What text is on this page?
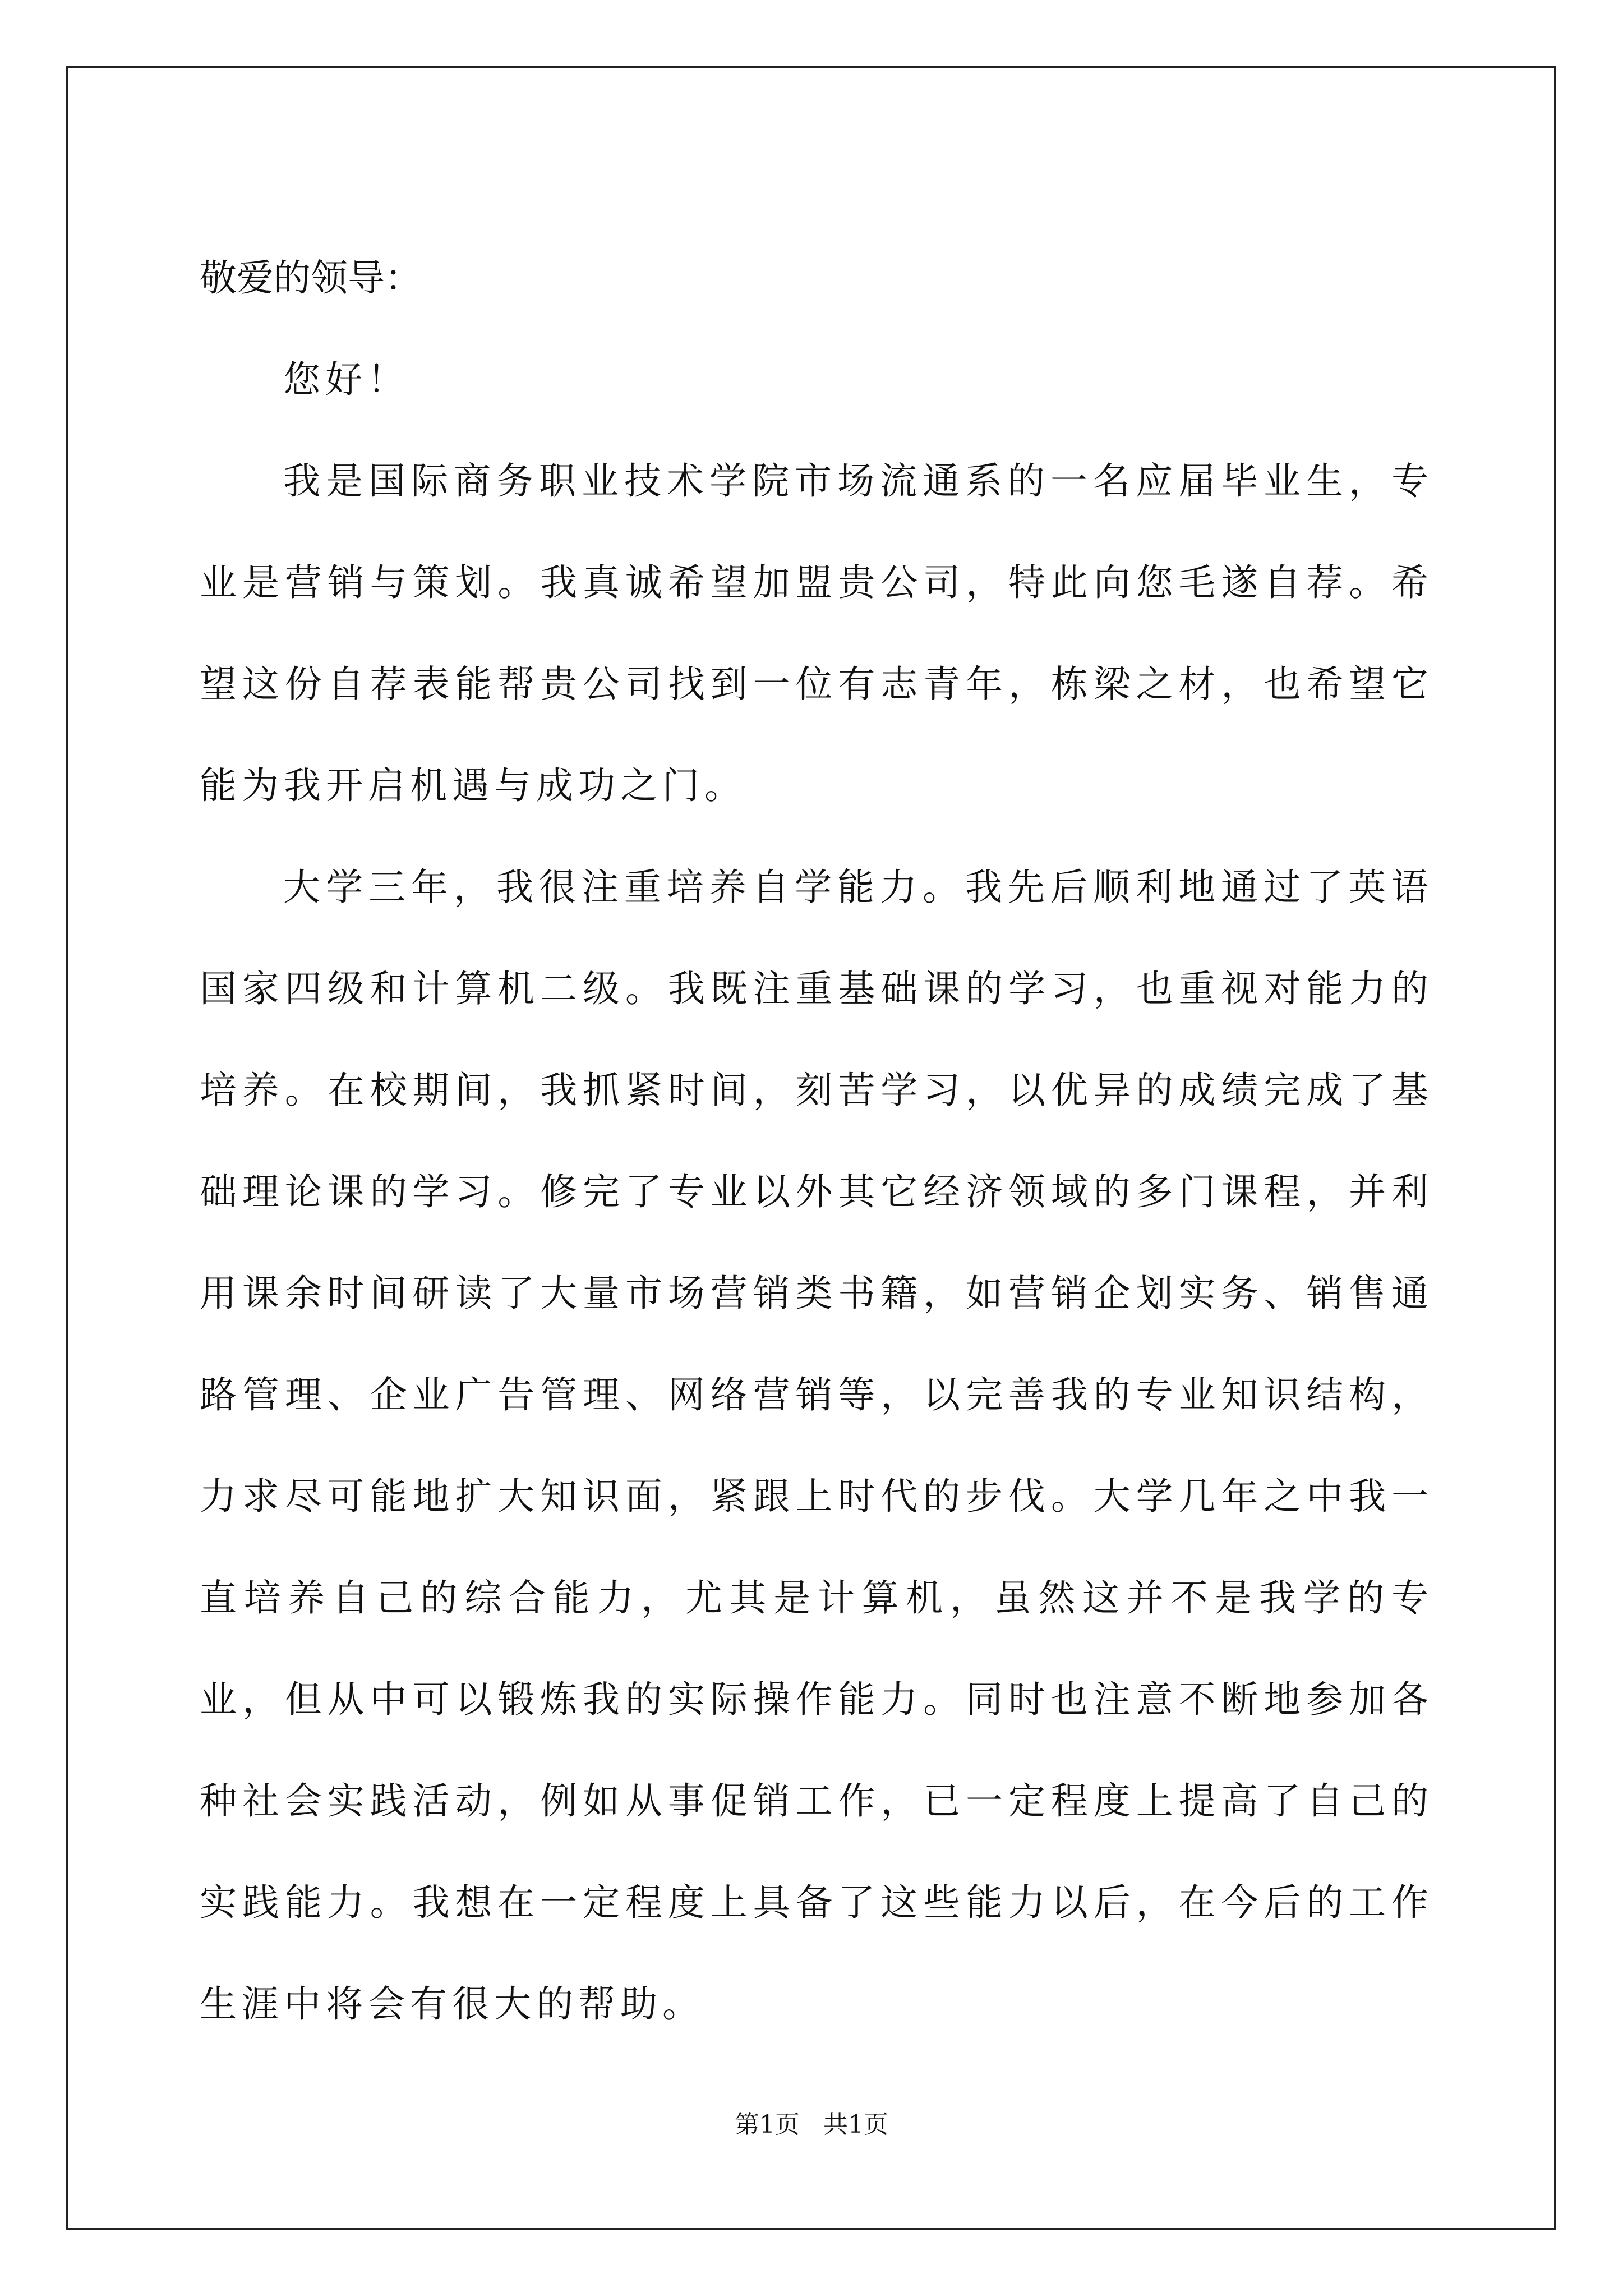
敬爱的领导：

您好！

我是国际商务职业技术学院市场流通系的一名应届毕业生，专业是营销与策划。我真诚希望加盟贵公司，特此向您毛遂自荐。希望这份自荐表能帮贵公司找到一位有志青年，栋梁之材，也希望它能为我开启机遇与成功之门。

大学三年，我很注重培养自学能力。我先后顺利地通过了英语国家四级和计算机二级。我既注重基础课的学习，也重视对能力的培养。在校期间，我抓紧时间，刻苦学习，以优异的成绩完成了基础理论课的学习。修完了专业以外其它经济领域的多门课程，并利用课余时间研读了大量市场营销类书籍，如营销企划实务、销售通路管理、企业广告管理、网络营销等，以完善我的专业知识结构，力求尽可能地扩大知识面，紧跟上时代的步伐。大学几年之中我一直培养自己的综合能力，尤其是计算机，虽然这并不是我学的专业，但从中可以锻炼我的实际操作能力。同时也注意不断地参加各种社会实践活动，例如从事促销工作，已一定程度上提高了自己的实践能力。我想在一定程度上具备了这些能力以后，在今后的工作生涯中将会有很大的帮助。

第1页 共1页
